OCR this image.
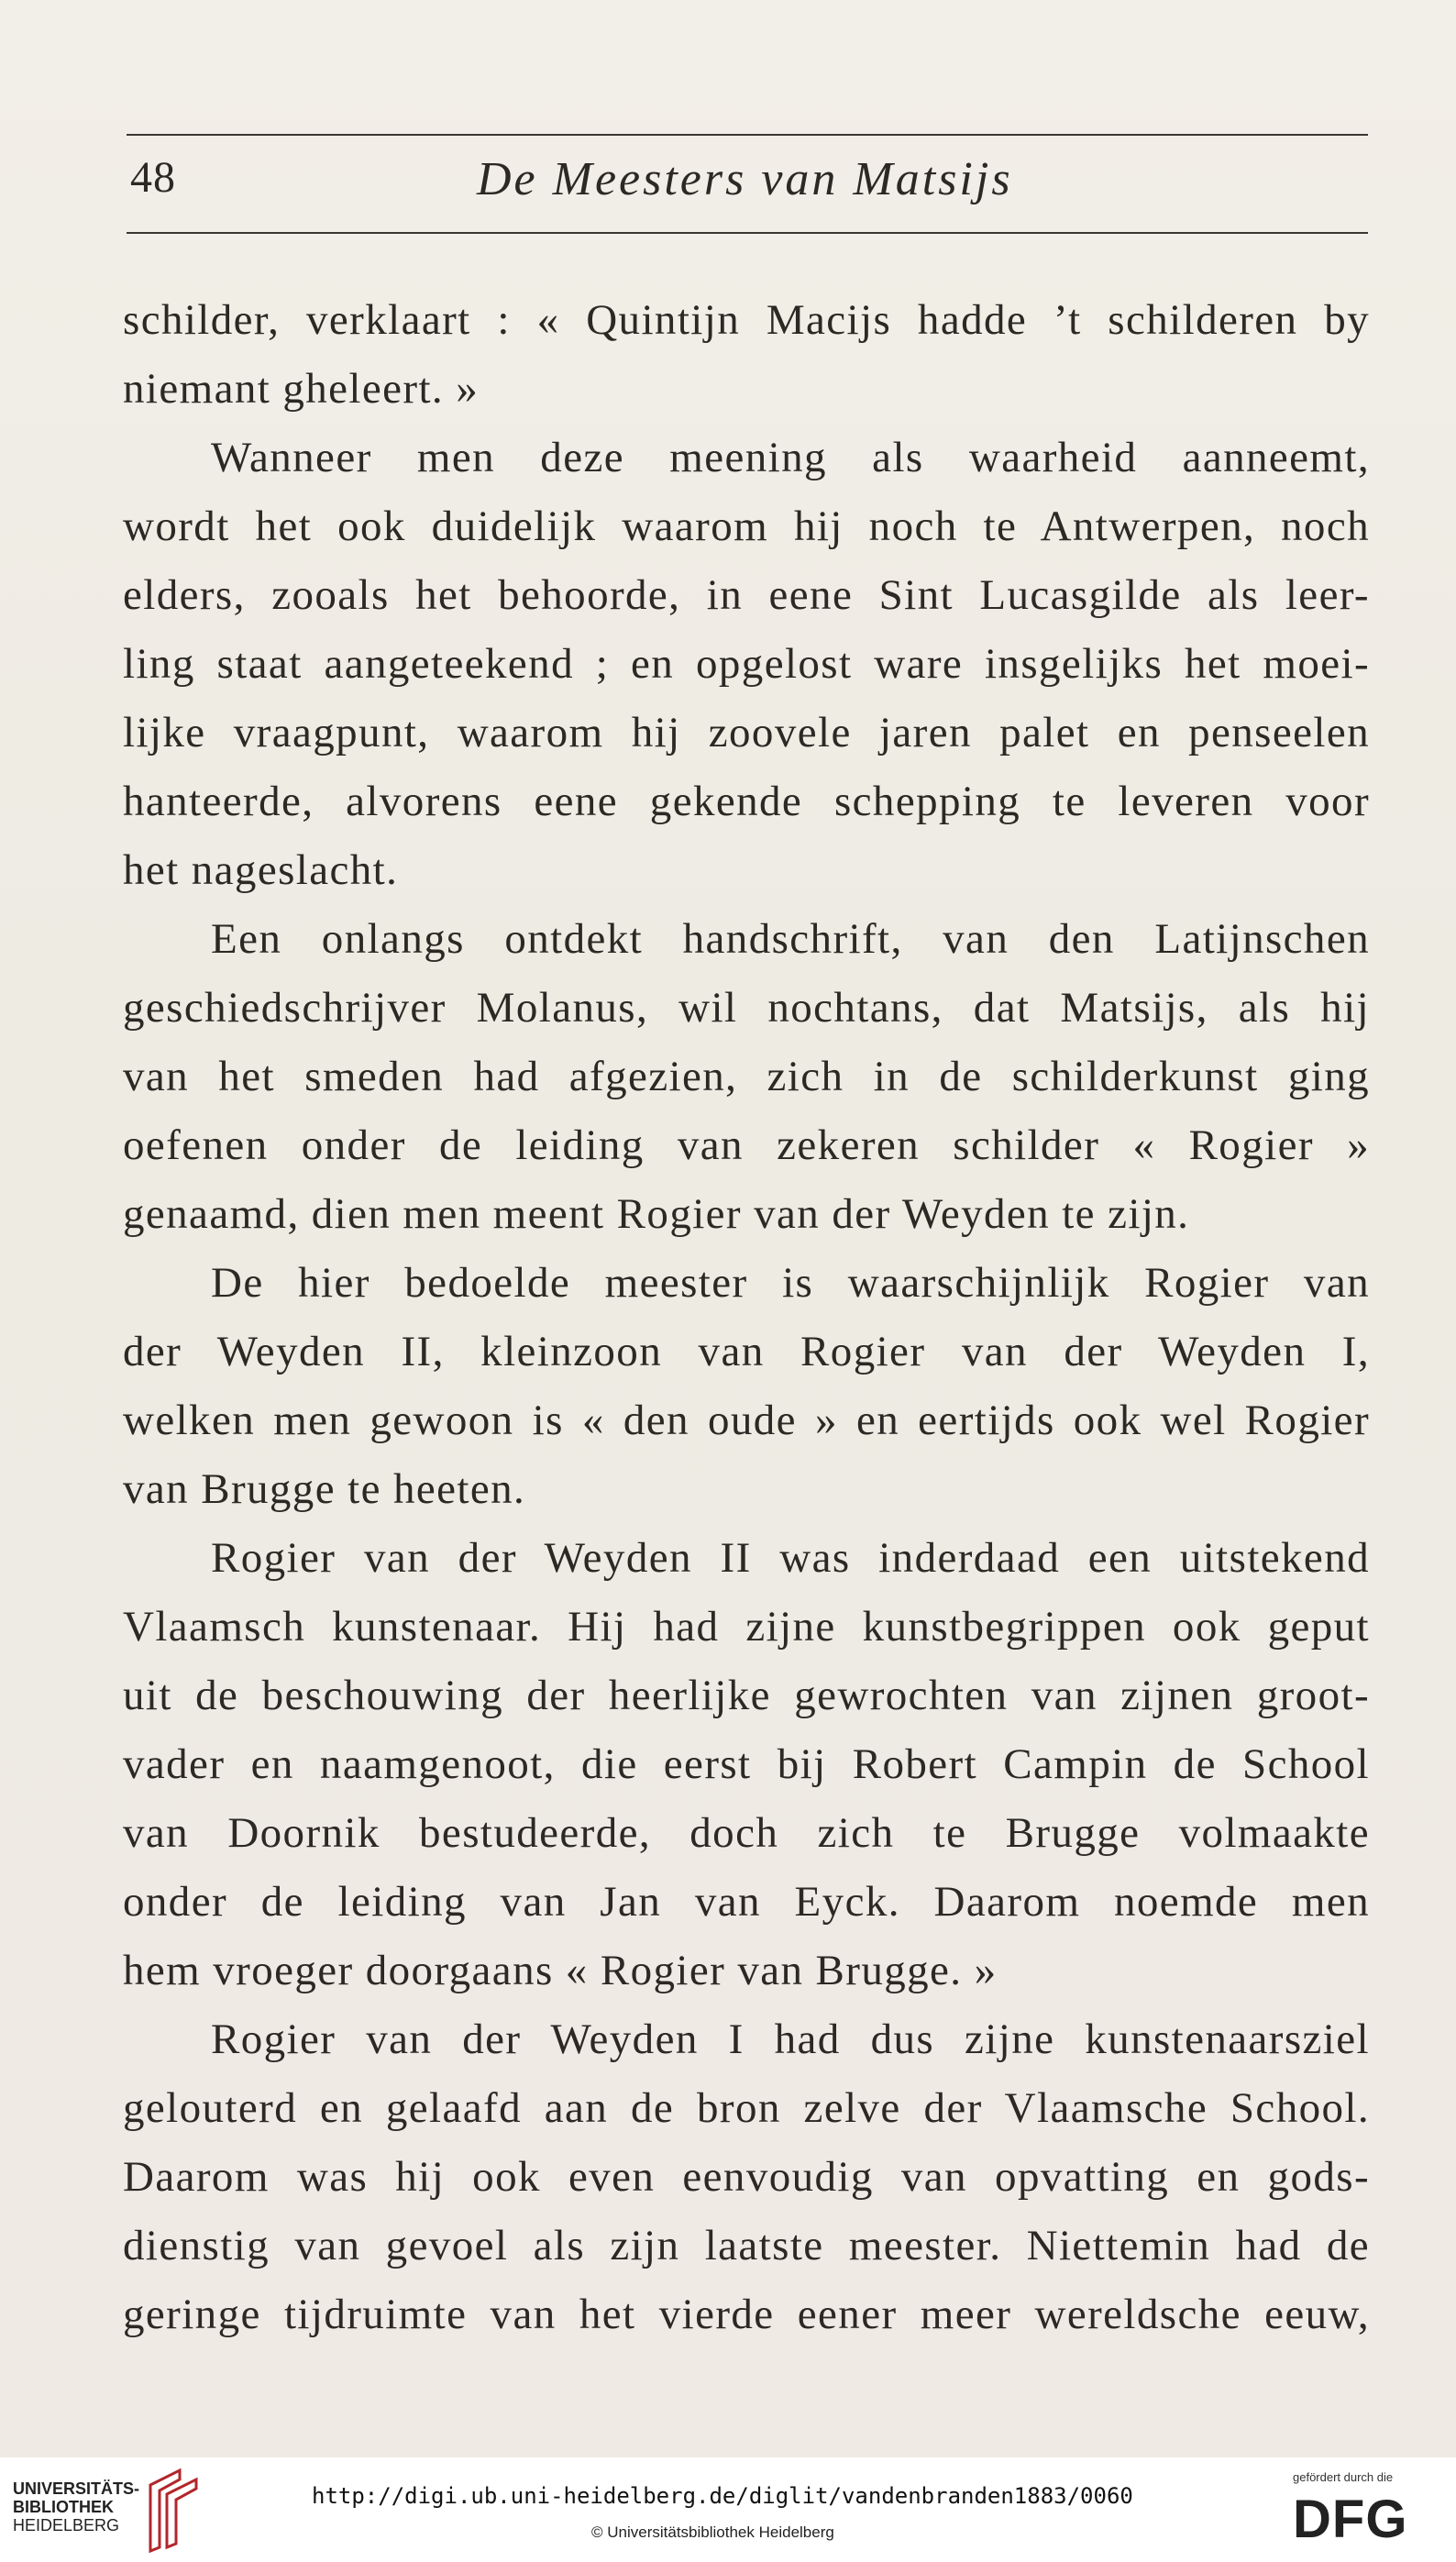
48	De Meesters van Matsijs
schilder, verklaart : « Quintijn Macijs hadde ’t schilderen by
niemant gheleert. »
Wanneer men deze meening als waarheid aanneemt,
wordt het ook duidelijk waarom hij noch te Antwerpen, noch
elders, zooals het behoorde, in eene Sint Lucasgilde als leer-
ling staat aangeteekend ; en opgelost ware insgelijks het moei-
lijke vraagpunt, waarom hij zoovele jaren palet en penseelen
hanteerde, alvorens eene gekende schepping te leveren voor
het nageslacht.
Een onlangs ontdekt handschrift, van den Latijnschen
geschiedschrijver Molanus, wil nochtans, dat Matsijs, als hij
van het smeden had afgezien, zich in de schilderkunst ging
oefenen onder de leiding van zekeren schilder « Rogier »
genaamd, dien men meent Rogier van der Weyden te zijn.
De hier bedoelde meester is waarschijnlijk Rogier van
der Weyden II, kleinzoon van Rogier van der Weyden I,
welken men gewoon is « den oude » en eertijds ook wel Rogier
van Brugge te heeten.
Rogier van der Weyden II was inderdaad een uitstekend
Vlaamsch kunstenaar. Hij had zijne kunstbegrippen ook geput
uit de beschouwing der heerlijke gewrochten van zijnen groot-
vader en naamgenoot, die eerst bij Robert Campin de School
van Doornik bestudeerde, doch zich te Brugge volmaakte
onder de leiding van Jan van Eyck. Daarom noemde men
hem vroeger doorgaans « Rogier van Brugge. »
Rogier van der Weyden I had dus zijne kunstenaarsziel
gelouterd en gelaafd aan de bron zelve der Vlaamsche School.
Daarom was hij ook even eenvoudig van opvatting en gods-
dienstig van gevoel als zijn laatste meester. Niettemin had de
geringe tijdruimte van het vierde eener meer wereldsche eeuw,
UNIVERSITÄTS-
BIBLIOTHEK
HEIDELBERG
http://digi.ub.uni-heidelberg.de/diglit/vandenbranden1883/0060
© Universitätsbibliothek Heidelberg
gefördert durch die
DFG
